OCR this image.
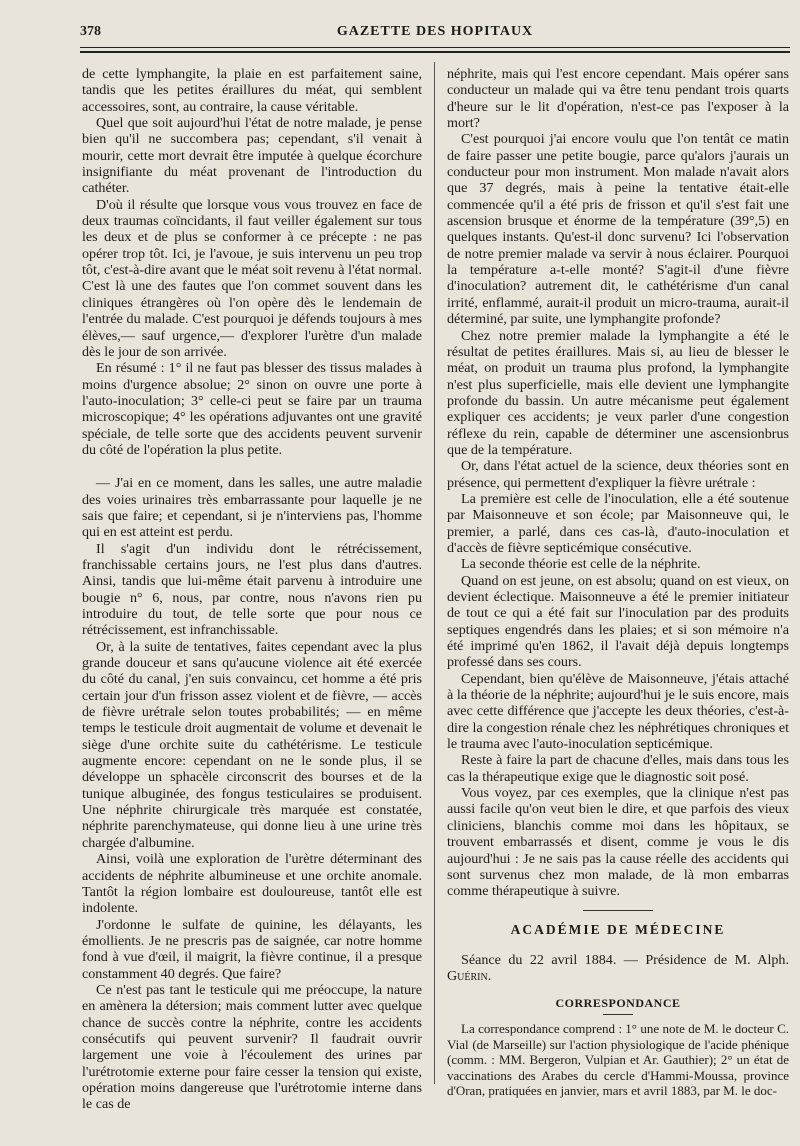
378	GAZETTE DES HOPITAUX

de cette lymphangite, la plaie en est parfaitement saine, tandis que les petites éraillures du méat, qui semblent accessoires, sont, au contraire, la cause véritable.

Quel que soit aujourd'hui l'état de notre malade, je pense bien qu'il ne succombera pas; cependant, s'il venait à mourir, cette mort devrait être imputée à quelque écorchure insignifiante du méat provenant de l'introduction du cathéter.

D'où il résulte que lorsque vous vous trouvez en face de deux traumas coïncidants, il faut veiller également sur tous les deux et de plus se conformer à ce précepte : ne pas opérer trop tôt. Ici, je l'avoue, je suis intervenu un peu trop tôt, c'est-à-dire avant que le méat soit revenu à l'état normal. C'est là une des fautes que l'on commet souvent dans les cliniques étrangères où l'on opère dès le lendemain de l'entrée du malade. C'est pourquoi je défends toujours à mes élèves,— sauf urgence,— d'explorer l'urètre d'un malade dès le jour de son arrivée.

En résumé : 1° il ne faut pas blesser des tissus malades à moins d'urgence absolue; 2° sinon on ouvre une porte à l'auto-inoculation; 3° celle-ci peut se faire par un trauma microscopique; 4° les opérations adjuvantes ont une gravité spéciale, de telle sorte que des accidents peuvent survenir du côté de l'opération la plus petite.

— J'ai en ce moment, dans les salles, une autre maladie des voies urinaires très embarrassante pour laquelle je ne sais que faire; et cependant, si je n'interviens pas, l'homme qui en est atteint est perdu.

Il s'agit d'un individu dont le rétrécissement, franchissable certains jours, ne l'est plus dans d'autres. Ainsi, tandis que lui-même était parvenu à introduire une bougie n° 6, nous, par contre, nous n'avons rien pu introduire du tout, de telle sorte que pour nous ce rétrécissement, est infranchissable.

Or, à la suite de tentatives, faites cependant avec la plus grande douceur et sans qu'aucune violence ait été exercée du côté du canal, j'en suis convaincu, cet homme a été pris certain jour d'un frisson assez violent et de fièvre, — accès de fièvre urétrale selon toutes probabilités; — en même temps le testicule droit augmentait de volume et devenait le siège d'une orchite suite du cathétérisme. Le testicule augmente encore: cependant on ne le sonde plus, il se développe un sphacèle circonscrit des bourses et de la tunique albuginée, des fongus testiculaires se produisent. Une néphrite chirurgicale très marquée est constatée, néphrite parenchymateuse, qui donne lieu à une urine très chargée d'albumine.

Ainsi, voilà une exploration de l'urètre déterminant des accidents de néphrite albumineuse et une orchite anomale. Tantôt la région lombaire est douloureuse, tantôt elle est indolente.

J'ordonne le sulfate de quinine, les délayants, les émollients. Je ne prescris pas de saignée, car notre homme fond à vue d'œil, il maigrit, la fièvre continue, il a presque constamment 40 degrés. Que faire?

Ce n'est pas tant le testicule qui me préoccupe, la nature en amènera la détersion; mais comment lutter avec quelque chance de succès contre la néphrite, contre les accidents consécutifs qui peuvent survenir? Il faudrait ouvrir largement une voie à l'écoulement des urines par l'urétrotomie externe pour faire cesser la tension qui existe, opération moins dangereuse que l'urétrotomie interne dans le cas de

néphrite, mais qui l'est encore cependant. Mais opérer sans conducteur un malade qui va être tenu pendant trois quarts d'heure sur le lit d'opération, n'est-ce pas l'exposer à la mort?

C'est pourquoi j'ai encore voulu que l'on tentât ce matin de faire passer une petite bougie, parce qu'alors j'aurais un conducteur pour mon instrument. Mon malade n'avait alors que 37 degrés, mais à peine la tentative était-elle commencée qu'il a été pris de frisson et qu'il s'est fait une ascension brusque et énorme de la température (39°,5) en quelques instants. Qu'est-il donc survenu? Ici l'observation de notre premier malade va servir à nous éclairer. Pourquoi la température a-t-elle monté? S'agit-il d'une fièvre d'inoculation? autrement dit, le cathétérisme d'un canal irrité, enflammé, aurait-il produit un micro-trauma, aurait-il déterminé, par suite, une lymphangite profonde?

Chez notre premier malade la lymphangite a été le résultat de petites éraillures. Mais si, au lieu de blesser le méat, on produit un trauma plus profond, la lymphangite n'est plus superficielle, mais elle devient une lymphangite profonde du bassin. Un autre mécanisme peut également expliquer ces accidents; je veux parler d'une congestion réflexe du rein, capable de déterminer une ascensionbrus que de la température.

Or, dans l'état actuel de la science, deux théories sont en présence, qui permettent d'expliquer la fièvre urétrale :

La première est celle de l'inoculation, elle a été soutenue par Maisonneuve et son école; par Maisonneuve qui, le premier, a parlé, dans ces cas-là, d'auto-inoculation et d'accès de fièvre septicémique consécutive.

La seconde théorie est celle de la néphrite.

Quand on est jeune, on est absolu; quand on est vieux, on devient éclectique. Maisonneuve a été le premier initiateur de tout ce qui a été fait sur l'inoculation par des produits septiques engendrés dans les plaies; et si son mémoire n'a été imprimé qu'en 1862, il l'avait déjà depuis longtemps professé dans ses cours.

Cependant, bien qu'élève de Maisonneuve, j'étais attaché à la théorie de la néphrite; aujourd'hui je le suis encore, mais avec cette différence que j'accepte les deux théories, c'est-à-dire la congestion rénale chez les néphrétiques chroniques et le trauma avec l'auto-inoculation septicémique.

Reste à faire la part de chacune d'elles, mais dans tous les cas la thérapeutique exige que le diagnostic soit posé.

Vous voyez, par ces exemples, que la clinique n'est pas aussi facile qu'on veut bien le dire, et que parfois des vieux cliniciens, blanchis comme moi dans les hôpitaux, se trouvent embarrassés et disent, comme je vous le dis aujourd'hui : Je ne sais pas la cause réelle des accidents qui sont survenus chez mon malade, de là mon embarras comme thérapeutique à suivre.

ACADÉMIE DE MÉDECINE

Séance du 22 avril 1884. — Présidence de M. Alph. Guérin.

CORRESPONDANCE

La correspondance comprend : 1° une note de M. le docteur C. Vial (de Marseille) sur l'action physiologique de l'acide phénique (comm. : MM. Bergeron, Vulpian et Ar. Gauthier); 2° un état de vaccinations des Arabes du cercle d'Hammi-Moussa, province d'Oran, pratiquées en janvier, mars et avril 1883, par M. le doc-
